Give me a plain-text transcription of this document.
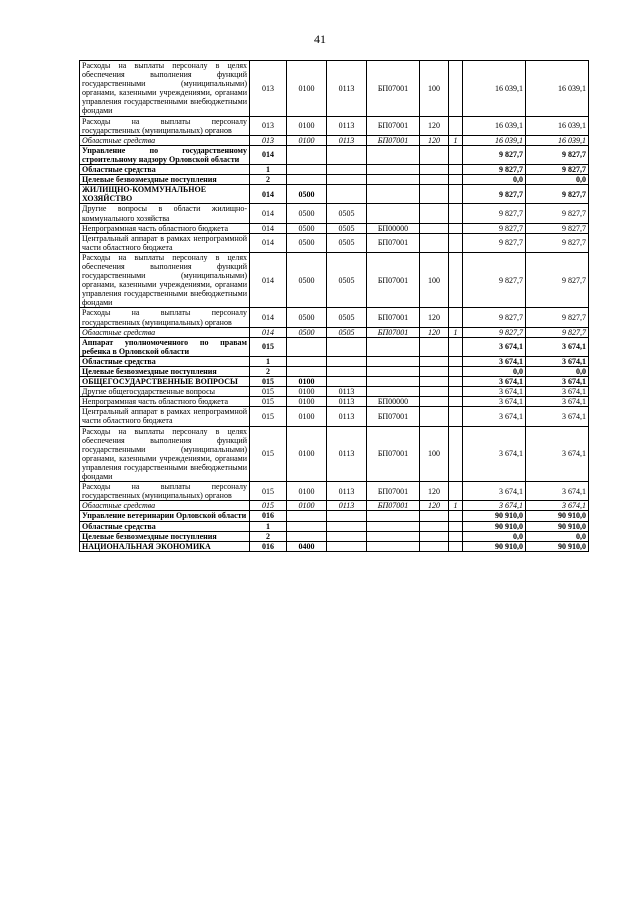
41
Расходы на выплаты персоналу в целях обеспечения выполнения функций государственными (муниципальными) органами, казенными учреждениями, органами управления государственными внебюджетными фондами	013	0100	0113	БП07001	100		16 039,1	16 039,1
Расходы на выплаты персоналу государственных (муниципальных) органов	013	0100	0113	БП07001	120		16 039,1	16 039,1
Областные средства	013	0100	0113	БП07001	120	1	16 039,1	16 039,1
Управление по государственному строительному надзору Орловской области	014						9 827,7	9 827,7
Областные средства	1						9 827,7	9 827,7
Целевые безвозмездные поступления	2						0,0	0,0
ЖИЛИЩНО-КОММУНАЛЬНОЕ ХОЗЯЙСТВО	014	0500					9 827,7	9 827,7
Другие вопросы в области жилищно-коммунального хозяйства	014	0500	0505				9 827,7	9 827,7
Непрограммная часть областного бюджета	014	0500	0505	БП00000			9 827,7	9 827,7
Центральный аппарат в рамках непрограммной части областного бюджета	014	0500	0505	БП07001			9 827,7	9 827,7
Расходы на выплаты персоналу в целях обеспечения выполнения функций государственными (муниципальными) органами, казенными учреждениями, органами управления государственными внебюджетными фондами	014	0500	0505	БП07001	100		9 827,7	9 827,7
Расходы на выплаты персоналу государственных (муниципальных) органов	014	0500	0505	БП07001	120		9 827,7	9 827,7
Областные средства	014	0500	0505	БП07001	120	1	9 827,7	9 827,7
Аппарат уполномоченного по правам ребенка в Орловской области	015						3 674,1	3 674,1
Областные средства	1						3 674,1	3 674,1
Целевые безвозмездные поступления	2						0,0	0,0
ОБЩЕГОСУДАРСТВЕННЫЕ ВОПРОСЫ	015	0100					3 674,1	3 674,1
Другие общегосударственные вопросы	015	0100	0113				3 674,1	3 674,1
Непрограммная часть областного бюджета	015	0100	0113	БП00000			3 674,1	3 674,1
Центральный аппарат в рамках непрограммной части областного бюджета	015	0100	0113	БП07001			3 674,1	3 674,1
Расходы на выплаты персоналу в целях обеспечения выполнения функций государственными (муниципальными) органами, казенными учреждениями, органами управления государственными внебюджетными фондами	015	0100	0113	БП07001	100		3 674,1	3 674,1
Расходы на выплаты персоналу государственных (муниципальных) органов	015	0100	0113	БП07001	120		3 674,1	3 674,1
Областные средства	015	0100	0113	БП07001	120	1	3 674,1	3 674,1
Управление ветеринарии Орловской области	016						90 910,0	90 910,0
Областные средства	1						90 910,0	90 910,0
Целевые безвозмездные поступления	2						0,0	0,0
НАЦИОНАЛЬНАЯ ЭКОНОМИКА	016	0400					90 910,0	90 910,0
